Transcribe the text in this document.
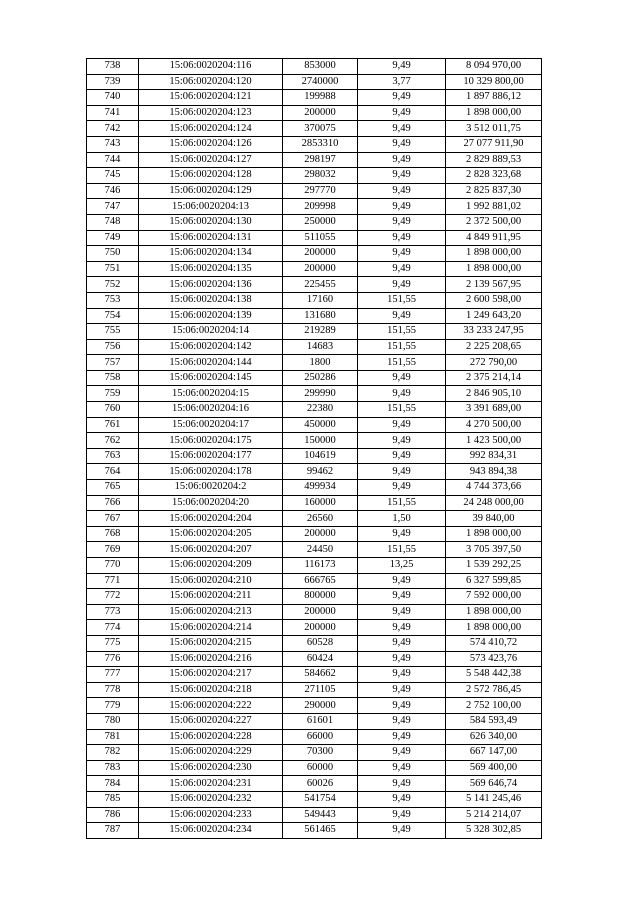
738	15:06:0020204:116	853000	9,49	8 094 970,00
739	15:06:0020204:120	2740000	3,77	10 329 800,00
740	15:06:0020204:121	199988	9,49	1 897 886,12
741	15:06:0020204:123	200000	9,49	1 898 000,00
742	15:06:0020204:124	370075	9,49	3 512 011,75
743	15:06:0020204:126	2853310	9,49	27 077 911,90
744	15:06:0020204:127	298197	9,49	2 829 889,53
745	15:06:0020204:128	298032	9,49	2 828 323,68
746	15:06:0020204:129	297770	9,49	2 825 837,30
747	15:06:0020204:13	209998	9,49	1 992 881,02
748	15:06:0020204:130	250000	9,49	2 372 500,00
749	15:06:0020204:131	511055	9,49	4 849 911,95
750	15:06:0020204:134	200000	9,49	1 898 000,00
751	15:06:0020204:135	200000	9,49	1 898 000,00
752	15:06:0020204:136	225455	9,49	2 139 567,95
753	15:06:0020204:138	17160	151,55	2 600 598,00
754	15:06:0020204:139	131680	9,49	1 249 643,20
755	15:06:0020204:14	219289	151,55	33 233 247,95
756	15:06:0020204:142	14683	151,55	2 225 208,65
757	15:06:0020204:144	1800	151,55	272 790,00
758	15:06:0020204:145	250286	9,49	2 375 214,14
759	15:06:0020204:15	299990	9,49	2 846 905,10
760	15:06:0020204:16	22380	151,55	3 391 689,00
761	15:06:0020204:17	450000	9,49	4 270 500,00
762	15:06:0020204:175	150000	9,49	1 423 500,00
763	15:06:0020204:177	104619	9,49	992 834,31
764	15:06:0020204:178	99462	9,49	943 894,38
765	15:06:0020204:2	499934	9,49	4 744 373,66
766	15:06:0020204:20	160000	151,55	24 248 000,00
767	15:06:0020204:204	26560	1,50	39 840,00
768	15:06:0020204:205	200000	9,49	1 898 000,00
769	15:06:0020204:207	24450	151,55	3 705 397,50
770	15:06:0020204:209	116173	13,25	1 539 292,25
771	15:06:0020204:210	666765	9,49	6 327 599,85
772	15:06:0020204:211	800000	9,49	7 592 000,00
773	15:06:0020204:213	200000	9,49	1 898 000,00
774	15:06:0020204:214	200000	9,49	1 898 000,00
775	15:06:0020204:215	60528	9,49	574 410,72
776	15:06:0020204:216	60424	9,49	573 423,76
777	15:06:0020204:217	584662	9,49	5 548 442,38
778	15:06:0020204:218	271105	9,49	2 572 786,45
779	15:06:0020204:222	290000	9,49	2 752 100,00
780	15:06:0020204:227	61601	9,49	584 593,49
781	15:06:0020204:228	66000	9,49	626 340,00
782	15:06:0020204:229	70300	9,49	667 147,00
783	15:06:0020204:230	60000	9,49	569 400,00
784	15:06:0020204:231	60026	9,49	569 646,74
785	15:06:0020204:232	541754	9,49	5 141 245,46
786	15:06:0020204:233	549443	9,49	5 214 214,07
787	15:06:0020204:234	561465	9,49	5 328 302,85
